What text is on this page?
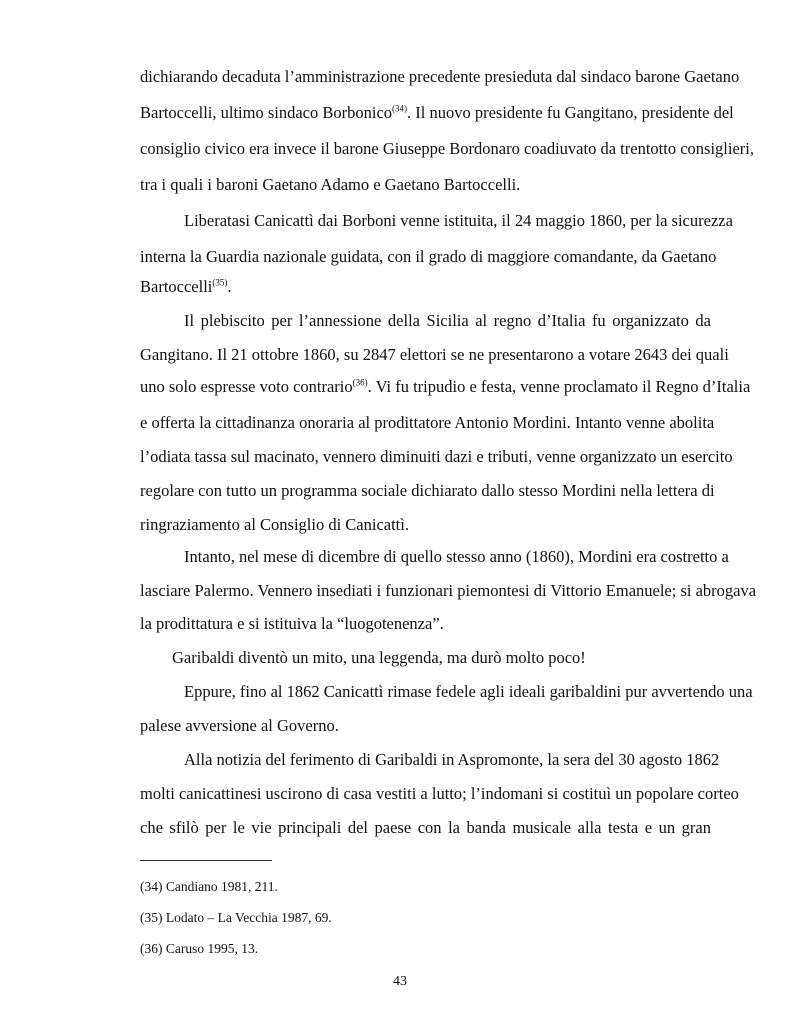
dichiarando decaduta l’amministrazione precedente presieduta dal sindaco barone Gaetano
Bartoccelli, ultimo sindaco Borbonico$^{(34)}$. Il nuovo presidente fu Gangitano, presidente del
consiglio civico era invece il barone Giuseppe Bordonaro coadiuvato da trentotto consiglieri,
tra i quali i baroni Gaetano Adamo e Gaetano Bartoccelli.
Liberatasi Canicattì dai Borboni venne istituita, il 24 maggio 1860, per la sicurezza
interna la Guardia nazionale guidata, con il grado di maggiore comandante, da Gaetano
Bartoccelli$^{(35)}$.
Il plebiscito per l’annessione della Sicilia al regno d’Italia fu organizzato da
Gangitano. Il 21 ottobre 1860, su 2847 elettori se ne presentarono a votare 2643 dei quali
uno solo espresse voto contrario$^{(36)}$. Vi fu tripudio e festa, venne proclamato il Regno d’Italia
e offerta la cittadinanza onoraria al prodittatore Antonio Mordini. Intanto venne abolita
l’odiata tassa sul macinato, vennero diminuiti dazi e tributi, venne organizzato un esercito
regolare con tutto un programma sociale dichiarato dallo stesso Mordini nella lettera di
ringraziamento al Consiglio di Canicattì.
Intanto, nel mese di dicembre di quello stesso anno (1860), Mordini era costretto a
lasciare Palermo. Vennero insediati i funzionari piemontesi di Vittorio Emanuele; si abrogava
la prodittatura e si istituiva la “luogotenenza”.
Garibaldi diventò un mito, una leggenda, ma durò molto poco!
Eppure, fino al 1862 Canicattì rimase fedele agli ideali garibaldini pur avvertendo una
palese avversione al Governo.
Alla notizia del ferimento di Garibaldi in Aspromonte, la sera del 30 agosto 1862
molti canicattinesi uscirono di casa vestiti a lutto; l’indomani si costituì un popolare corteo
che sfilò per le vie principali del paese con la banda musicale alla testa e un gran
(34) Candiano 1981, 211.
(35) Lodato – La Vecchia 1987, 69.
(36) Caruso 1995, 13.
43
